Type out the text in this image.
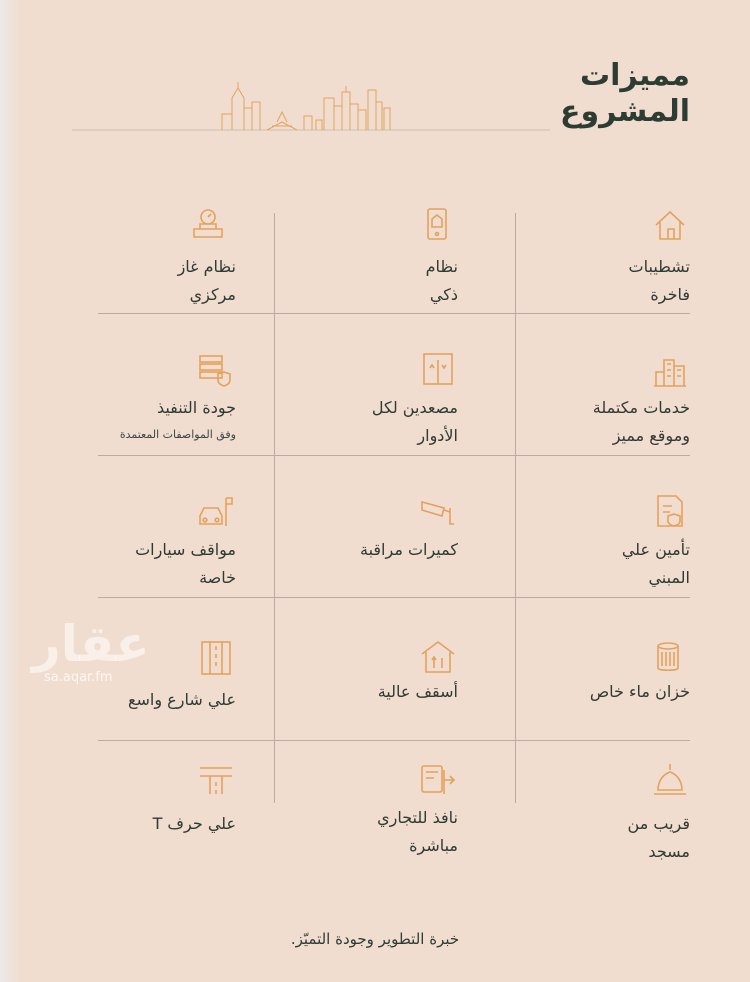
مميزات
المشروع
تشطيبات
فاخرة
نظام
ذكي
نظام غاز
مركزي
خدمات مكتملة
وموقع مميز
مصعدين لكل
الأدوار
جودة التنفيذ
وفق المواصفات المعتمدة
تأمين علي
المبني
كميرات مراقبة
مواقف سيارات
خاصة
خزان ماء خاص
أسقف عالية
علي شارع واسع
قريب من
مسجد
نافذ للتجاري
مباشرة
علي حرف T
عقار
sa.aqar.fm
خبرة التطوير وجودة التميّز.
